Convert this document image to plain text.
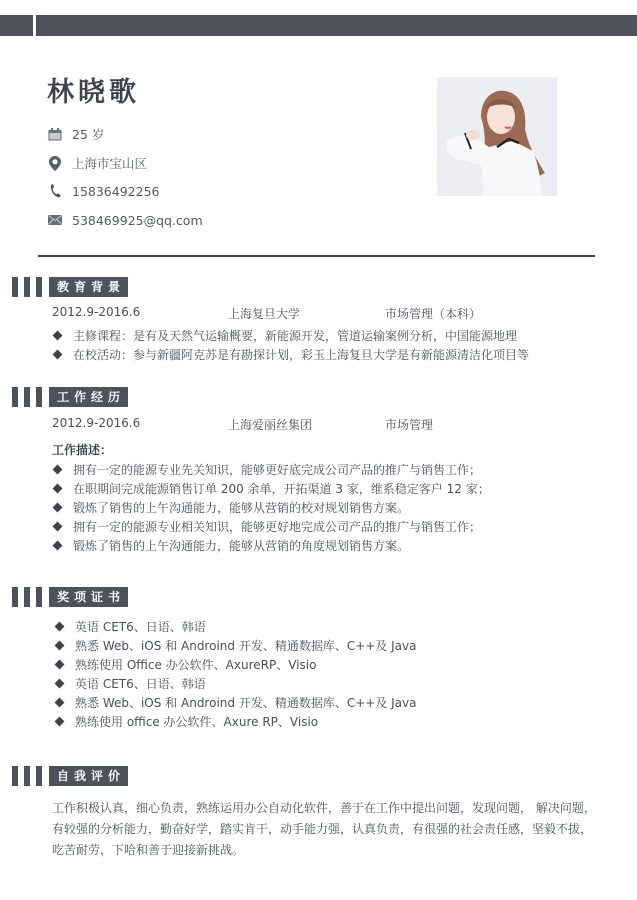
林晓歌
25 岁
上海市宝山区
15836492256
538469925@qq.com
教育背景
2012.9-2016.6	上海复旦大学	市场管理（本科）
主修课程：是有及天然气运输概要，新能源开发，管道运输案例分析，中国能源地理
在校活动：参与新疆阿克苏是有勘探计划，彩玉上海复旦大学是有新能源清洁化项目等
工作经历
2012.9-2016.6	上海爱丽丝集团	市场管理
工作描述：
拥有一定的能源专业先关知识，能够更好底完成公司产品的推广与销售工作；
在职期间完成能源销售订单 200 余单，开拓渠道 3 家，维系稳定客户 12 家；
锻炼了销售的上午沟通能力，能够从营销的校对规划销售方案。
拥有一定的能源专业相关知识，能够更好地完成公司产品的推广与销售工作；
锻炼了销售的上午沟通能力，能够从营销的角度规划销售方案。
奖项证书
英语 CET6、日语、韩语
熟悉 Web、iOS 和 Androind 开发、精通数据库、C++及 Java
熟练使用 Office 办公软件、AxureRP、Visio
英语 CET6、日语、韩语
熟悉 Web、iOS 和 Androind 开发、精通数据库、C++及 Java
熟练使用 office 办公软件、Axure RP、Visio
自我评价
工作积极认真，细心负责，熟练运用办公自动化软件，善于在工作中提出问题，发现问题， 解决问题，有较强的分析能力，勤奋好学，踏实肯干，动手能力强，认真负责，有很强的社会责任感，坚毅不拔，吃苦耐劳，下哈和善于迎接新挑战。
